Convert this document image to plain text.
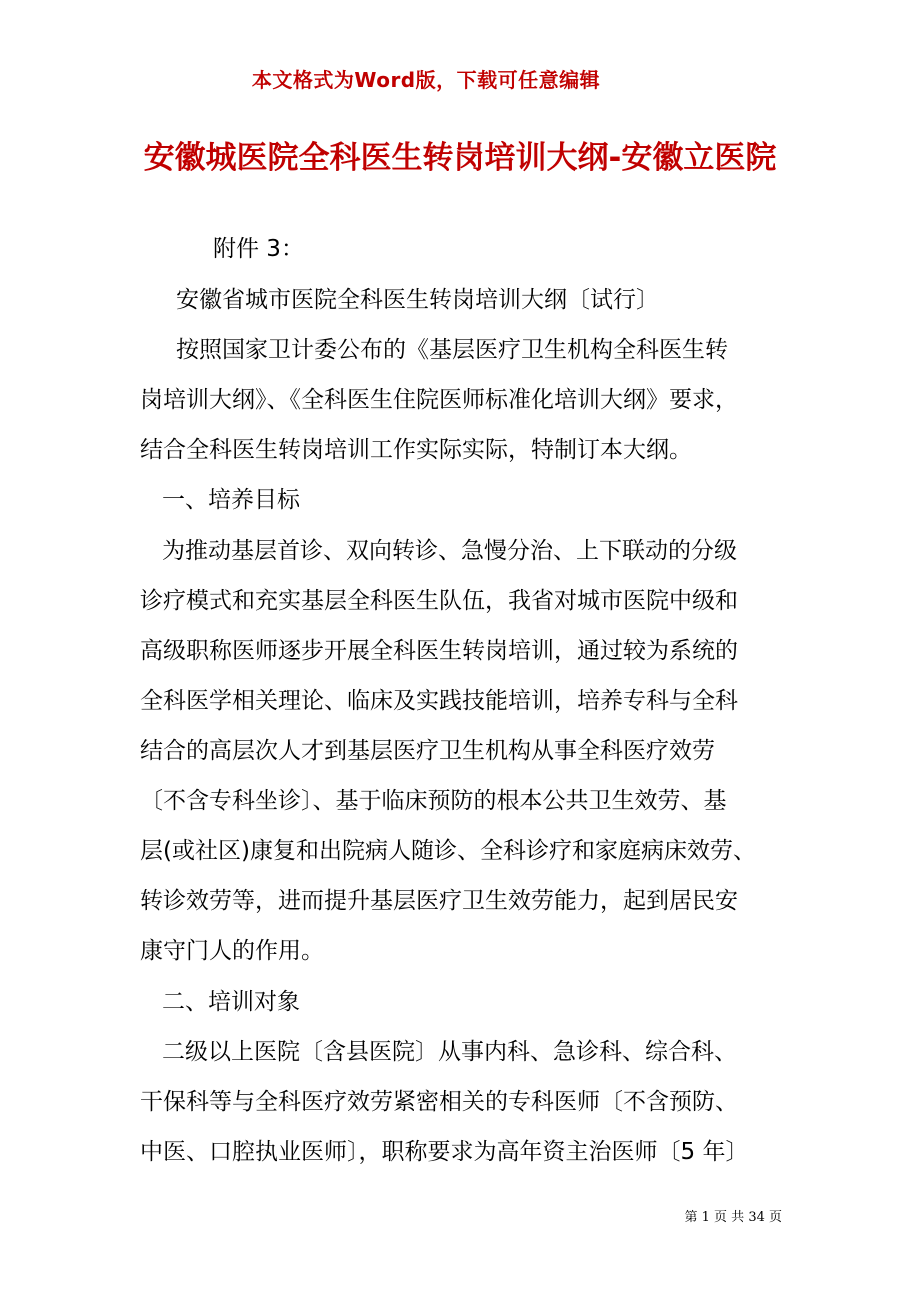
本文格式为Word版，下载可任意编辑
安徽城医院全科医生转岗培训大纲-安徽立医院
附件 3：
安徽省城市医院全科医生转岗培训大纲〔试行〕
按照国家卫计委公布的《基层医疗卫生机构全科医生转
岗培训大纲》、《全科医生住院医师标准化培训大纲》要求，
结合全科医生转岗培训工作实际实际，特制订本大纲。
一、培养目标
为推动基层首诊、双向转诊、急慢分治、上下联动的分级
诊疗模式和充实基层全科医生队伍，我省对城市医院中级和
高级职称医师逐步开展全科医生转岗培训，通过较为系统的
全科医学相关理论、临床及实践技能培训，培养专科与全科
结合的高层次人才到基层医疗卫生机构从事全科医疗效劳
〔不含专科坐诊〕、基于临床预防的根本公共卫生效劳、基
层(或社区)康复和出院病人随诊、全科诊疗和家庭病床效劳、
转诊效劳等，进而提升基层医疗卫生效劳能力，起到居民安
康守门人的作用。
二、培训对象
二级以上医院〔含县医院〕从事内科、急诊科、综合科、
干保科等与全科医疗效劳紧密相关的专科医师〔不含预防、
中医、口腔执业医师〕，职称要求为高年资主治医师〔5 年〕
第 1 页 共 34 页
